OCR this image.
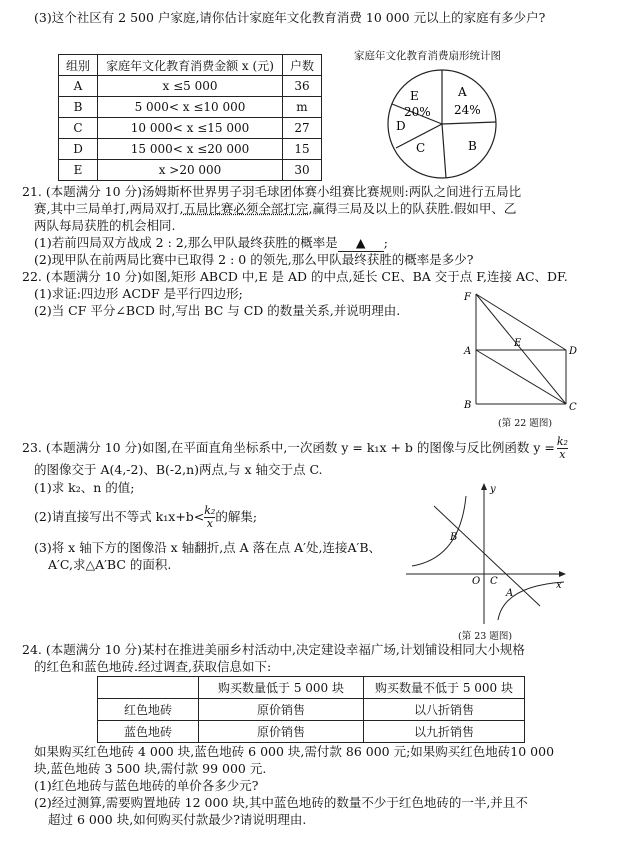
(3)这个社区有 2 500 户家庭,请你估计家庭年文化教育消费 10 000 元以上的家庭有多少户?
组别	家庭年文化教育消费金额 x (元)	户数
A	x ≤5 000	36
B	5 000< x ≤10 000	m
C	10 000< x ≤15 000	27
D	15 000< x ≤20 000	15
E	x >20 000	30
家庭年文化教育消费扇形统计图
A
24%
B
C
D
E
20%
21. (本题满分 10 分)汤姆斯杯世界男子羽毛球团体赛小组赛比赛规则:两队之间进行五局比
赛,其中三局单打,两局双打,五局比赛必须全部打完,赢得三局及以上的队获胜.假如甲、乙
两队每局获胜的机会相同.
(1)若前四局双方战成 2 : 2,那么甲队最终获胜的概率是 ▲ ;
(2)现甲队在前两局比赛中已取得 2 : 0 的领先,那么甲队最终获胜的概率是多少?
22. (本题满分 10 分)如图,矩形 ABCD 中,E 是 AD 的中点,延长 CE、BA 交于点 F,连接 AC、DF.
(1)求证:四边形 ACDF 是平行四边形;
(2)当 CF 平分∠BCD 时,写出 BC 与 CD 的数量关系,并说明理由.
F
A
E
D
B	C
(第 22 题图)
23. (本题满分 10 分)如图,在平面直角坐标系中,一次函数 y = k₁x + b 的图像与反比例函数 $y = \frac{\text{k₂}}{x}$
的图像交于 A(4,-2)、B(-2,n)两点,与 x 轴交于点 C.
(1)求 k₂、n 的值;
(2)请直接写出不等式 $k_1x+b< \frac{\text{k₂}}{x}$ 的解集;
(3)将 x 轴下方的图像沿 x 轴翻折,点 A 落在点 A′处,连接A′B、
A′C,求△A′BC 的面积.
y
x
O C
A
B
(第 23 题图)
24. (本题满分 10 分)某村在推进美丽乡村活动中,决定建设幸福广场,计划铺设相同大小规格
的红色和蓝色地砖.经过调查,获取信息如下:
	购买数量低于 5 000 块	购买数量不低于 5 000 块
红色地砖	原价销售	以八折销售
蓝色地砖	原价销售	以九折销售
如果购买红色地砖 4 000 块,蓝色地砖 6 000 块,需付款 86 000 元;如果购买红色地砖10 000
块,蓝色地砖 3 500 块,需付款 99 000 元.
(1)红色地砖与蓝色地砖的单价各多少元?
(2)经过测算,需要购置地砖 12 000 块,其中蓝色地砖的数量不少于红色地砖的一半,并且不
超过 6 000 块,如何购买付款最少?请说明理由.
